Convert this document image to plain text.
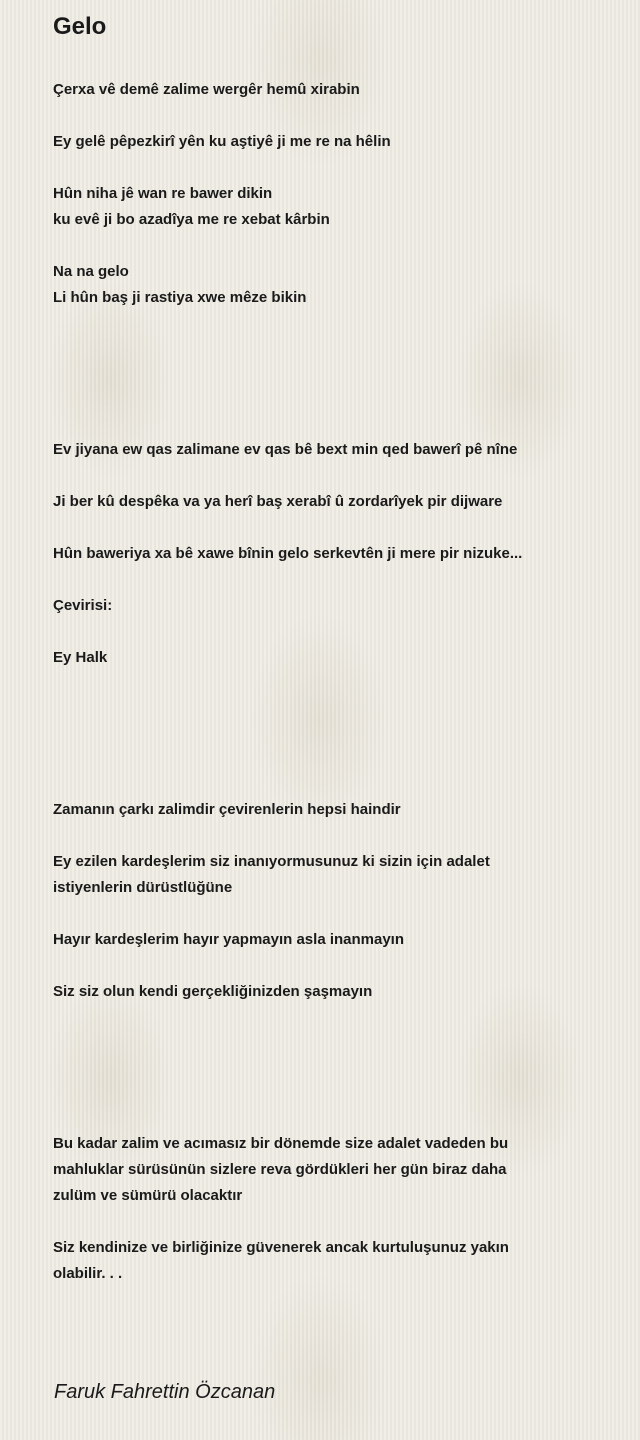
Gelo

Çerxa vê demê zalime wergêr hemû xirabin

Ey gelê pêpezkirî yên ku aştiyê ji me re na hêlin

Hûn niha jê wan re bawer dikin

ku evê ji bo azadîya me re xebat kârbin

Na na gelo

Li hûn baş ji rastiya xwe mêze bikin

Ev jiyana ew qas zalimane ev qas bê bext min qed bawerî pê nîne

Ji ber kû despêka va ya herî baş xerabî û zordarîyek pir dijware

Hûn baweriya xa bê xawe bînin gelo serkevtên ji mere pir nizuke...

Çevirisi:

Ey Halk

Zamanın çarkı zalimdir çevirenlerin hepsi haindir

Ey ezilen kardeşlerim siz inanıyormusunuz ki sizin için adalet istiyenlerin dürüstlüğüne

Hayır kardeşlerim hayır yapmayın asla inanmayın

Siz siz olun kendi gerçekliğinizden şaşmayın

Bu kadar zalim ve acımasız bir dönemde size adalet vadeden bu mahluklar sürüsünün sizlere reva gördükleri her gün biraz daha zulüm ve sümürü olacaktır

Siz kendinize ve birliğinize güvenerek ancak kurtuluşunuz yakın olabilir. . .

Faruk Fahrettin Özcanan
